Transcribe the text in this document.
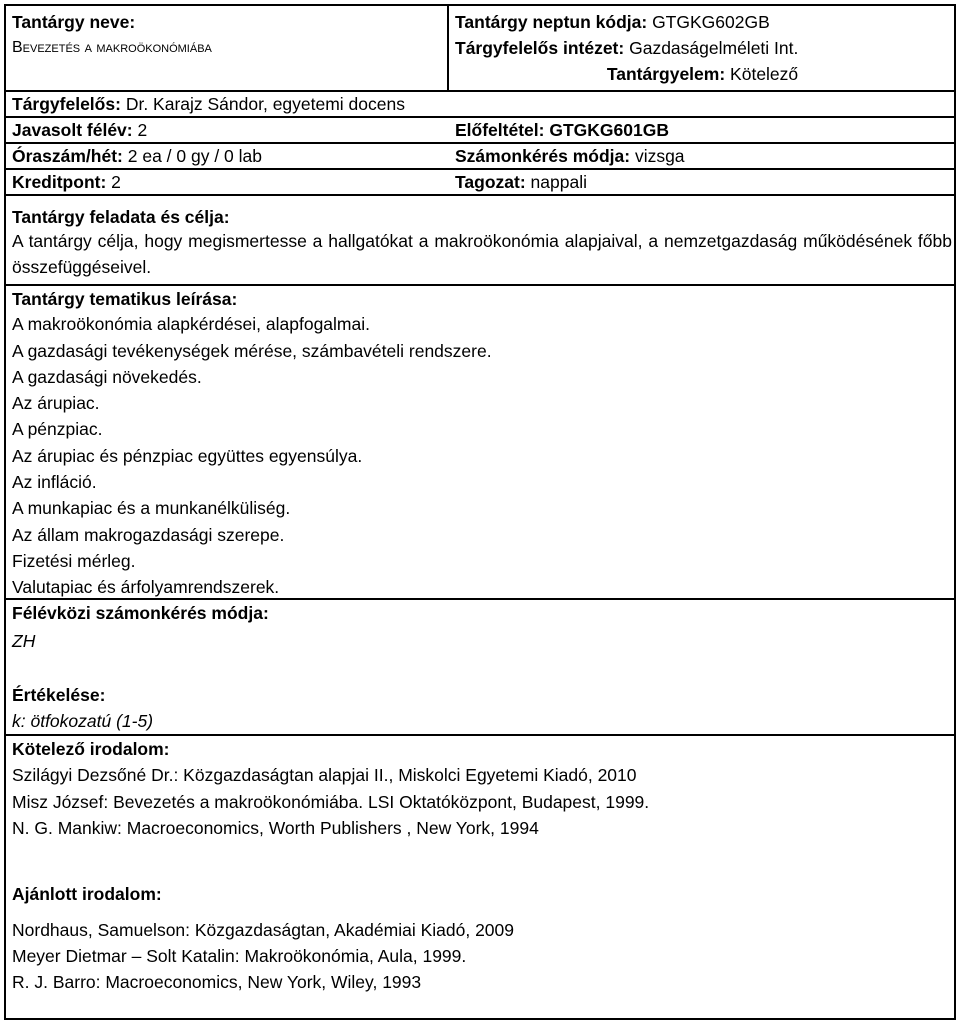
Tantárgy neve:
Bevezetés a makroökonómiába
Tantárgy neptun kódja: GTGKG602GB
Tárgyfelelős intézet: Gazdaságelméleti Int.
Tantárgyelem: Kötelező
Tárgyfelelős: Dr. Karajz Sándor, egyetemi docens
Javasolt félév: 2	Előfeltétel: GTGKG601GB
Óraszám/hét: 2 ea / 0 gy / 0 lab	Számonkérés módja: vizsga
Kreditpont: 2	Tagozat: nappali
Tantárgy feladata és célja:
A tantárgy célja, hogy megismertesse a hallgatókat a makroökonómia alapjaival, a nemzetgazdaság működésének főbb összefüggéseivel.
Tantárgy tematikus leírása:
A makroökonómia alapkérdései, alapfogalmai.
A gazdasági tevékenységek mérése, számbavételi rendszere.
A gazdasági növekedés.
Az árupiac.
A pénzpiac.
Az árupiac és pénzpiac együttes egyensúlya.
Az infláció.
A munkapiac és a munkanélküliség.
Az állam makrogazdasági szerepe.
Fizetési mérleg.
Valutapiac és árfolyamrendszerek.
Félévközi számonkérés módja:
ZH
Értékelése:
k: ötfokozatú (1-5)
Kötelező irodalom:
Szilágyi Dezsőné Dr.: Közgazdaságtan alapjai II., Miskolci Egyetemi Kiadó, 2010
Misz József: Bevezetés a makroökonómiába. LSI Oktatóközpont, Budapest, 1999.
N. G. Mankiw: Macroeconomics, Worth Publishers , New York, 1994
Ajánlott irodalom:
Nordhaus, Samuelson: Közgazdaságtan, Akadémiai Kiadó, 2009
Meyer Dietmar – Solt Katalin: Makroökonómia, Aula, 1999.
R. J. Barro: Macroeconomics, New York, Wiley, 1993
